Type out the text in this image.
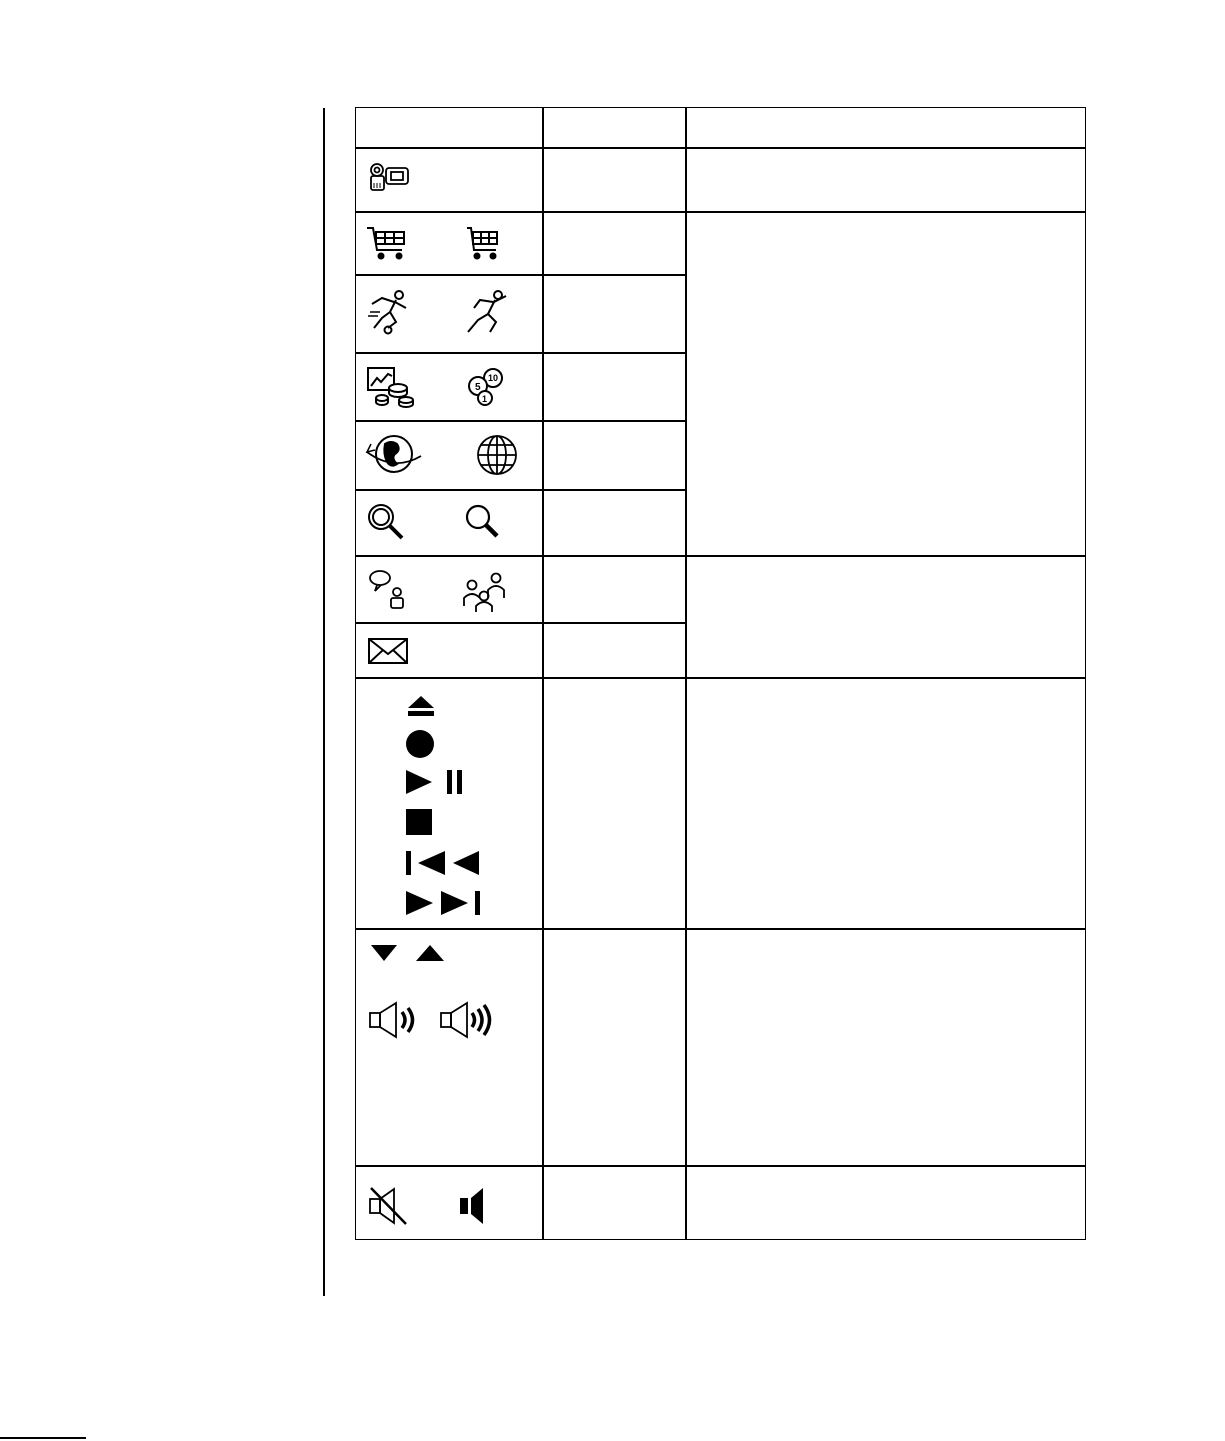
10
5
1
